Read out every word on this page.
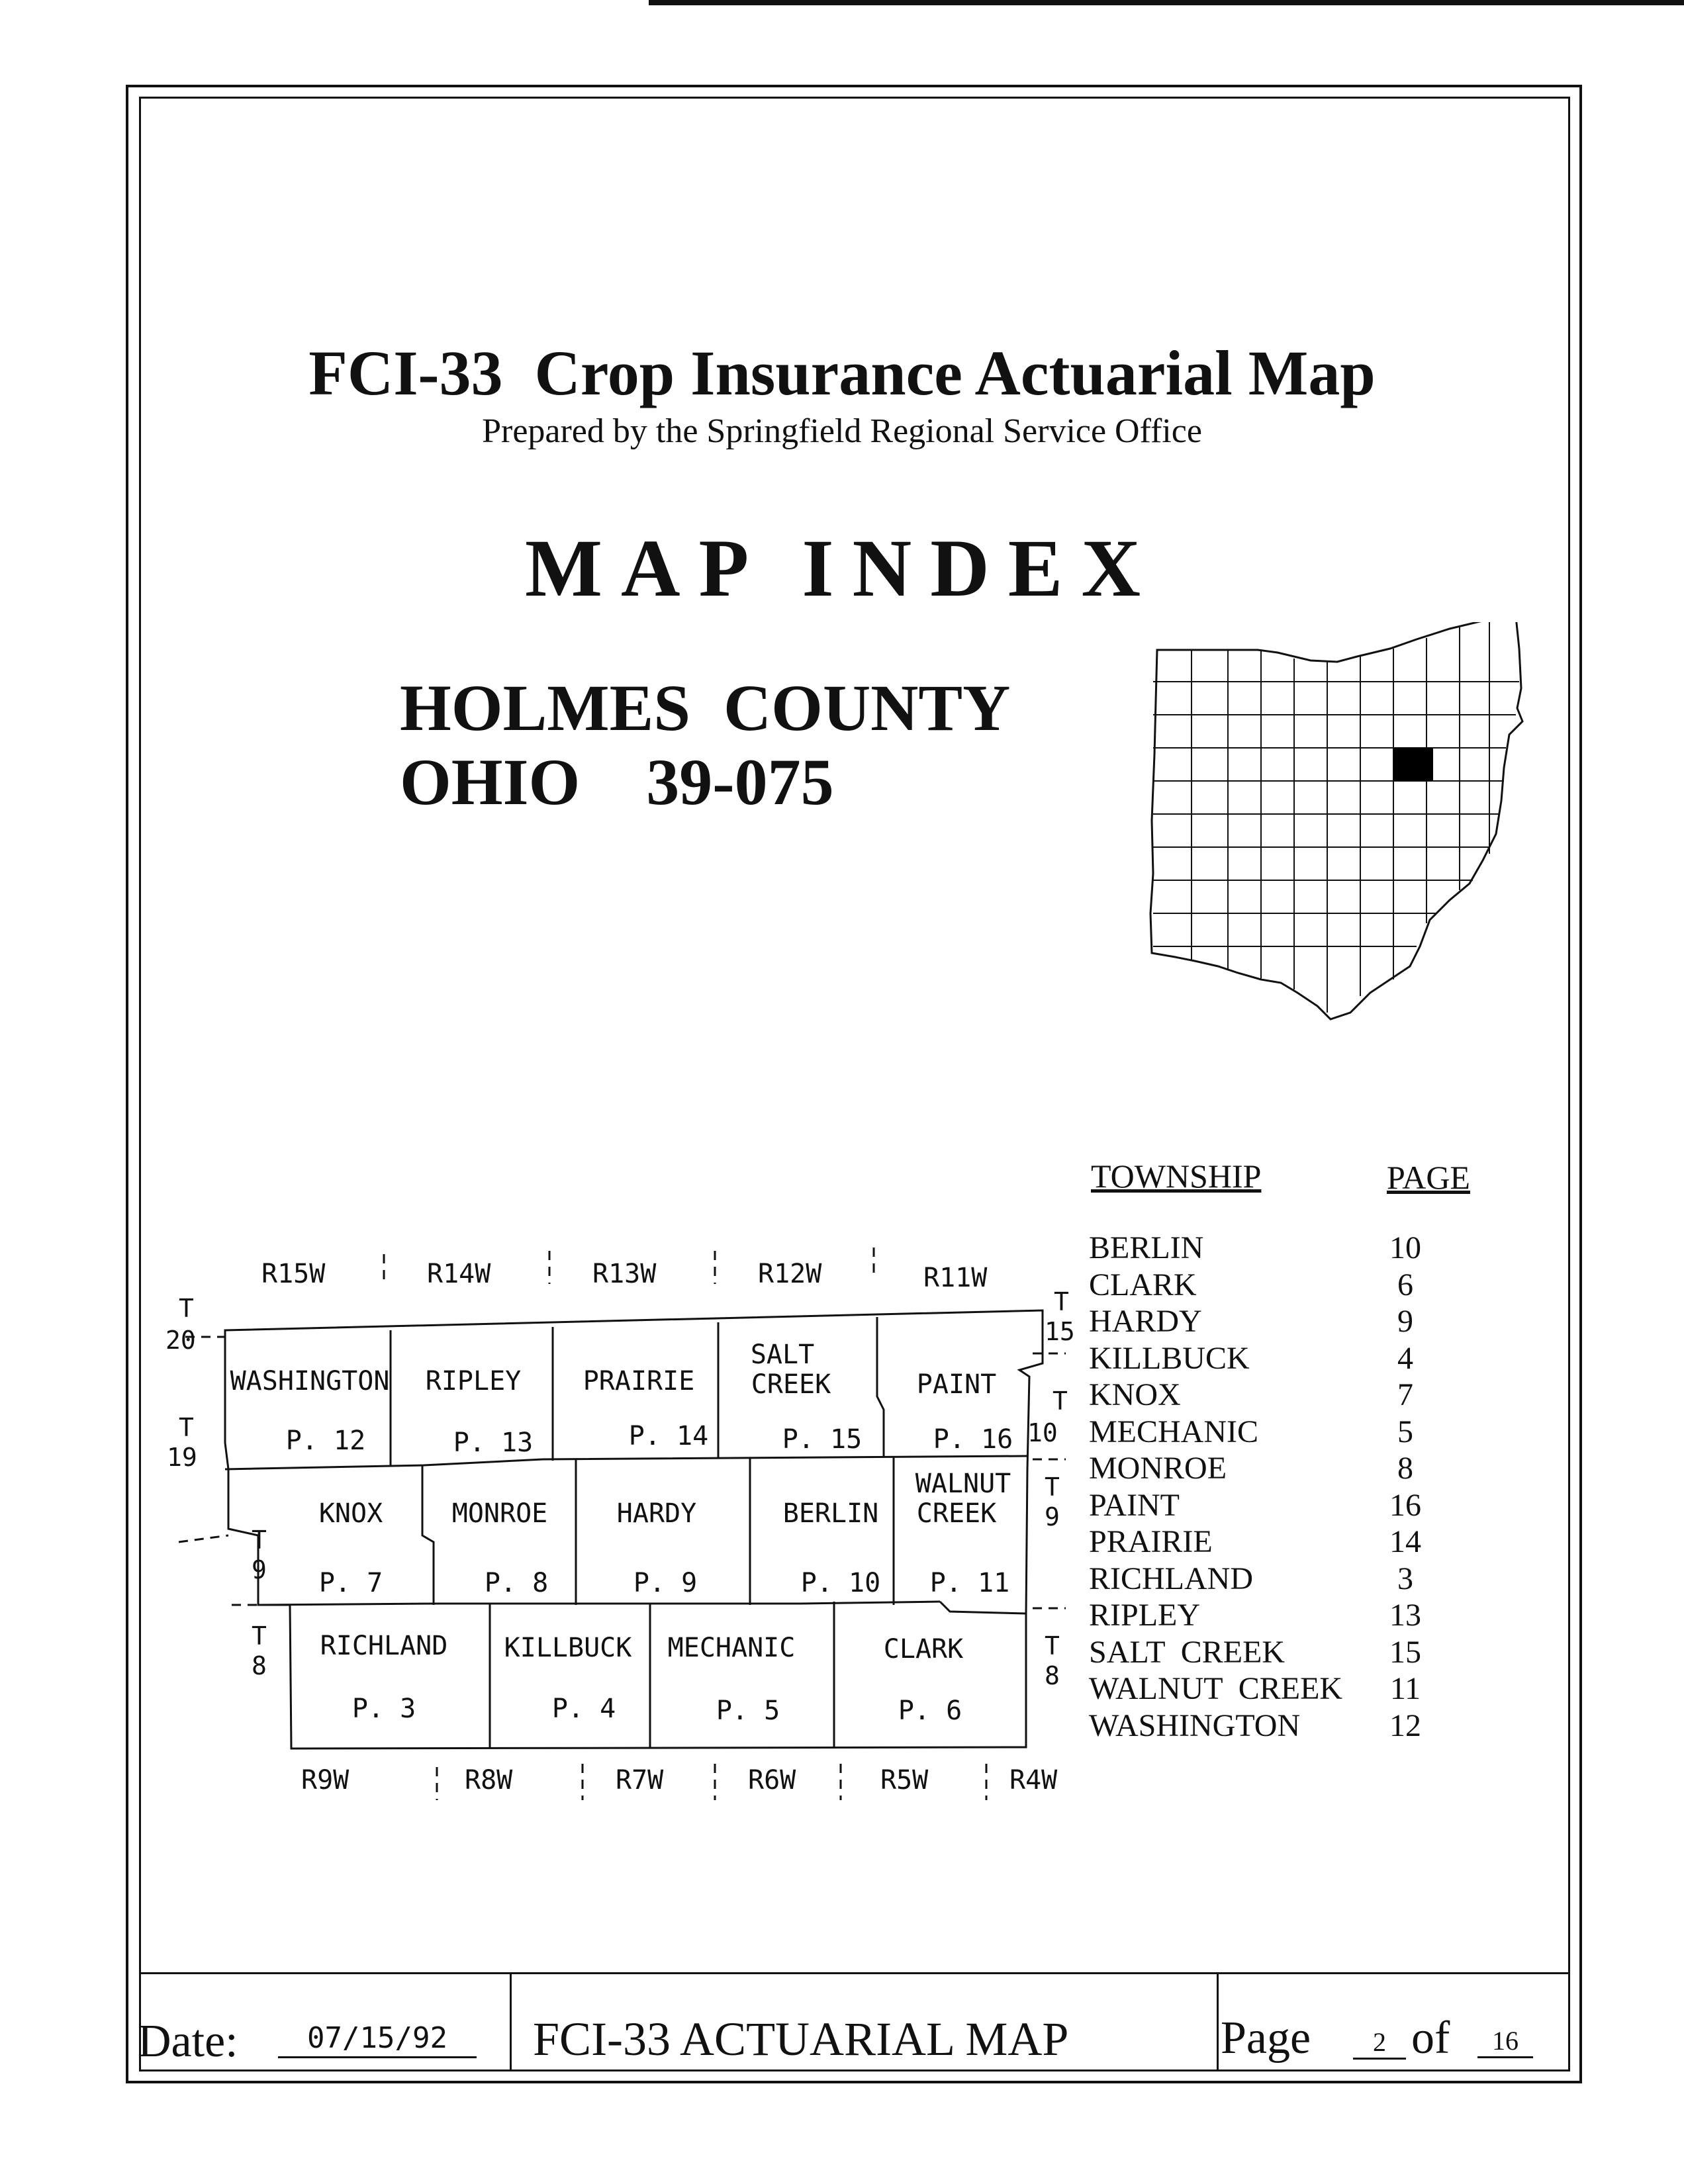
FCI-33  Crop Insurance Actuarial Map
Prepared by the Springfield Regional Service Office
MAP INDEX
HOLMES  COUNTY
OHIO    39-075
R15W	R14W	R13W	R12W	R11W
R9W	R8W	R7W	R6W	R5W	R4W
T
20
T
19
T
9
T
8
T
15
T
10
T
9
T
8
WASHINGTON
P. 12
RIPLEY
P. 13
PRAIRIE
P. 14
SALT
CREEK
P. 15
PAINT
P. 16
KNOX
P. 7
MONROE
P. 8
HARDY
P. 9
BERLIN
P. 10
WALNUT
CREEK
P. 11
RICHLAND
P. 3
KILLBUCK
P. 4
MECHANIC
P. 5
CLARK
P. 6
TOWNSHIP	PAGE
BERLIN	10
CLARK	6
HARDY	9
KILLBUCK	4
KNOX	7
MECHANIC	5
MONROE	8
PAINT	16
PRAIRIE	14
RICHLAND	3
RIPLEY	13
SALT  CREEK	15
WALNUT  CREEK	11
WASHINGTON	12
Date:	07/15/92	FCI-33 ACTUARIAL MAP	Page	2 of	16
